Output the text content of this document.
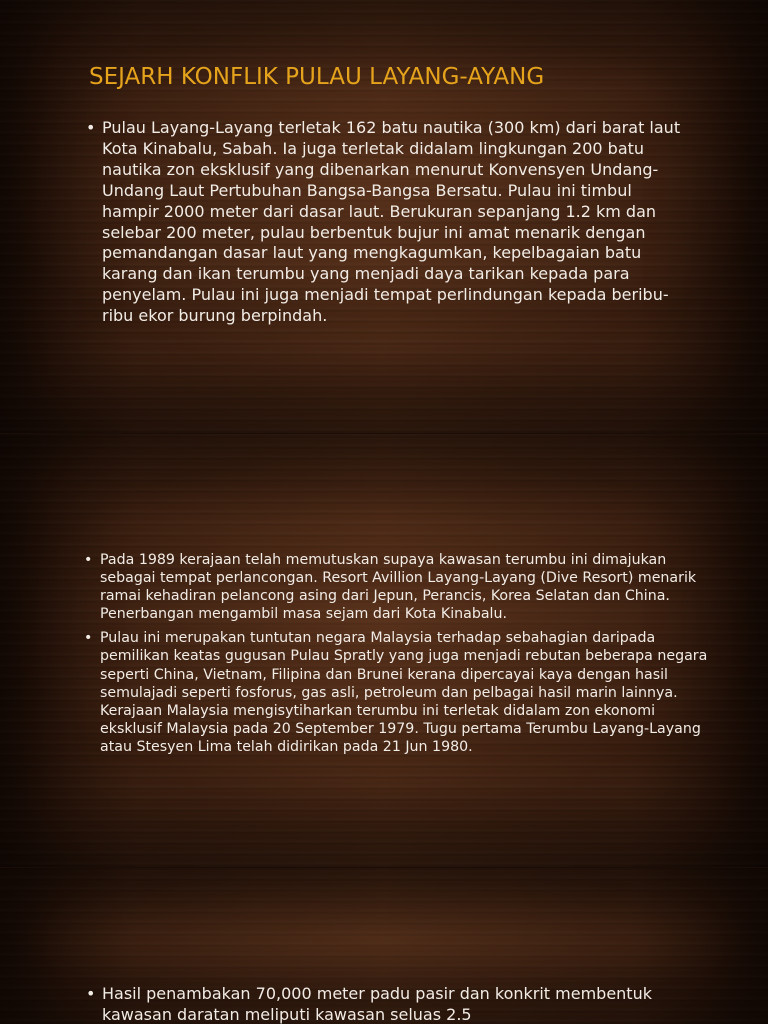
SEJARH KONFLIK PULAU LAYANG-AYANG
• Pulau Layang-Layang terletak 162 batu nautika (300 km) dari barat laut Kota Kinabalu, Sabah. Ia juga terletak didalam lingkungan 200 batu nautika zon eksklusif yang dibenarkan menurut Konvensyen Undang-Undang Laut Pertubuhan Bangsa-Bangsa Bersatu. Pulau ini timbul hampir 2000 meter dari dasar laut. Berukuran sepanjang 1.2 km dan selebar 200 meter, pulau berbentuk bujur ini amat menarik dengan pemandangan dasar laut yang mengkagumkan, kepelbagaian batu karang dan ikan terumbu yang menjadi daya tarikan kepada para penyelam. Pulau ini juga menjadi tempat perlindungan kepada beribu-ribu ekor burung berpindah.
• Pada 1989 kerajaan telah memutuskan supaya kawasan terumbu ini dimajukan sebagai tempat perlancongan. Resort Avillion Layang-Layang (Dive Resort) menarik ramai kehadiran pelancong asing dari Jepun, Perancis, Korea Selatan dan China. Penerbangan mengambil masa sejam dari Kota Kinabalu.
• Pulau ini merupakan tuntutan negara Malaysia terhadap sebahagian daripada pemilikan keatas gugusan Pulau Spratly yang juga menjadi rebutan beberapa negara seperti China, Vietnam, Filipina dan Brunei kerana dipercayai kaya dengan hasil semulajadi seperti fosforus, gas asli, petroleum dan pelbagai hasil marin lainnya. Kerajaan Malaysia mengisytiharkan terumbu ini terletak didalam zon ekonomi eksklusif Malaysia pada 20 September 1979. Tugu pertama Terumbu Layang-Layang atau Stesyen Lima telah didirikan pada 21 Jun 1980.
• Hasil penambakan 70,000 meter padu pasir dan konkrit membentuk kawasan daratan meliputi kawasan seluas 2.5
